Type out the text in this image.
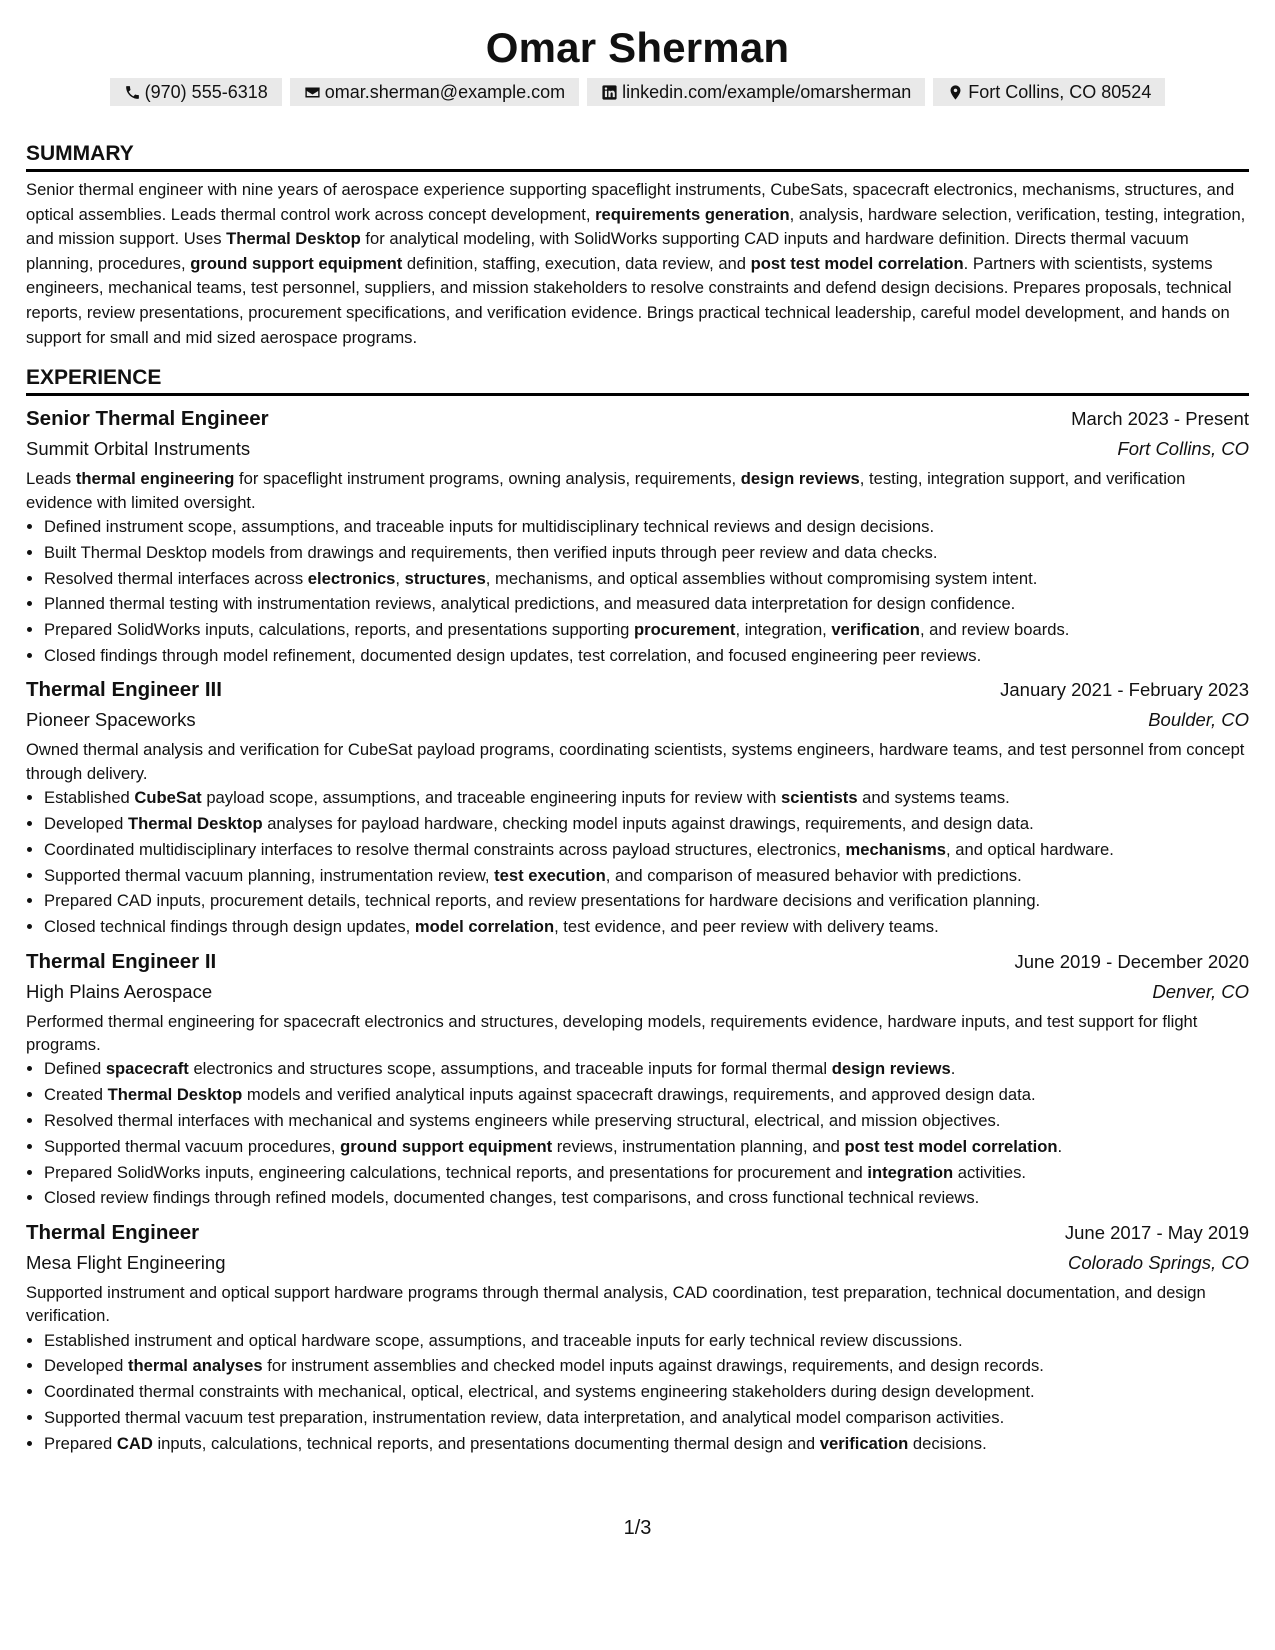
Omar Sherman
(970) 555-6318	omar.sherman@example.com	linkedin.com/example/omarsherman	Fort Collins, CO 80524
SUMMARY

Senior thermal engineer with nine years of aerospace experience supporting spaceflight instruments, CubeSats, spacecraft electronics, mechanisms, structures, and optical assemblies. Leads thermal control work across concept development, requirements generation, analysis, hardware selection, verification, testing, integration, and mission support. Uses Thermal Desktop for analytical modeling, with SolidWorks supporting CAD inputs and hardware definition. Directs thermal vacuum planning, procedures, ground support equipment definition, staffing, execution, data review, and post test model correlation. Partners with scientists, systems engineers, mechanical teams, test personnel, suppliers, and mission stakeholders to resolve constraints and defend design decisions. Prepares proposals, technical reports, review presentations, procurement specifications, and verification evidence. Brings practical technical leadership, careful model development, and hands on support for small and mid sized aerospace programs.

EXPERIENCE
Senior Thermal Engineer	March 2023 - Present
Summit Orbital Instruments	Fort Collins, CO

Leads thermal engineering for spaceflight instrument programs, owning analysis, requirements, design reviews, testing, integration support, and verification evidence with limited oversight.

• Defined instrument scope, assumptions, and traceable inputs for multidisciplinary technical reviews and design decisions.
• Built Thermal Desktop models from drawings and requirements, then verified inputs through peer review and data checks.
• Resolved thermal interfaces across electronics, structures, mechanisms, and optical assemblies without compromising system intent.
• Planned thermal testing with instrumentation reviews, analytical predictions, and measured data interpretation for design confidence.
• Prepared SolidWorks inputs, calculations, reports, and presentations supporting procurement, integration, verification, and review boards.
• Closed findings through model refinement, documented design updates, test correlation, and focused engineering peer reviews.
Thermal Engineer III	January 2021 - February 2023
Pioneer Spaceworks	Boulder, CO

Owned thermal analysis and verification for CubeSat payload programs, coordinating scientists, systems engineers, hardware teams, and test personnel from concept through delivery.

• Established CubeSat payload scope, assumptions, and traceable engineering inputs for review with scientists and systems teams.
• Developed Thermal Desktop analyses for payload hardware, checking model inputs against drawings, requirements, and design data.
• Coordinated multidisciplinary interfaces to resolve thermal constraints across payload structures, electronics, mechanisms, and optical hardware.
• Supported thermal vacuum planning, instrumentation review, test execution, and comparison of measured behavior with predictions.
• Prepared CAD inputs, procurement details, technical reports, and review presentations for hardware decisions and verification planning.
• Closed technical findings through design updates, model correlation, test evidence, and peer review with delivery teams.
Thermal Engineer II	June 2019 - December 2020
High Plains Aerospace	Denver, CO

Performed thermal engineering for spacecraft electronics and structures, developing models, requirements evidence, hardware inputs, and test support for flight programs.

• Defined spacecraft electronics and structures scope, assumptions, and traceable inputs for formal thermal design reviews.
• Created Thermal Desktop models and verified analytical inputs against spacecraft drawings, requirements, and approved design data.
• Resolved thermal interfaces with mechanical and systems engineers while preserving structural, electrical, and mission objectives.
• Supported thermal vacuum procedures, ground support equipment reviews, instrumentation planning, and post test model correlation.
• Prepared SolidWorks inputs, engineering calculations, technical reports, and presentations for procurement and integration activities.
• Closed review findings through refined models, documented changes, test comparisons, and cross functional technical reviews.
Thermal Engineer	June 2017 - May 2019
Mesa Flight Engineering	Colorado Springs, CO

Supported instrument and optical support hardware programs through thermal analysis, CAD coordination, test preparation, technical documentation, and design verification.

• Established instrument and optical hardware scope, assumptions, and traceable inputs for early technical review discussions.
• Developed thermal analyses for instrument assemblies and checked model inputs against drawings, requirements, and design records.
• Coordinated thermal constraints with mechanical, optical, electrical, and systems engineering stakeholders during design development.
• Supported thermal vacuum test preparation, instrumentation review, data interpretation, and analytical model comparison activities.
• Prepared CAD inputs, calculations, technical reports, and presentations documenting thermal design and verification decisions.
1/3
